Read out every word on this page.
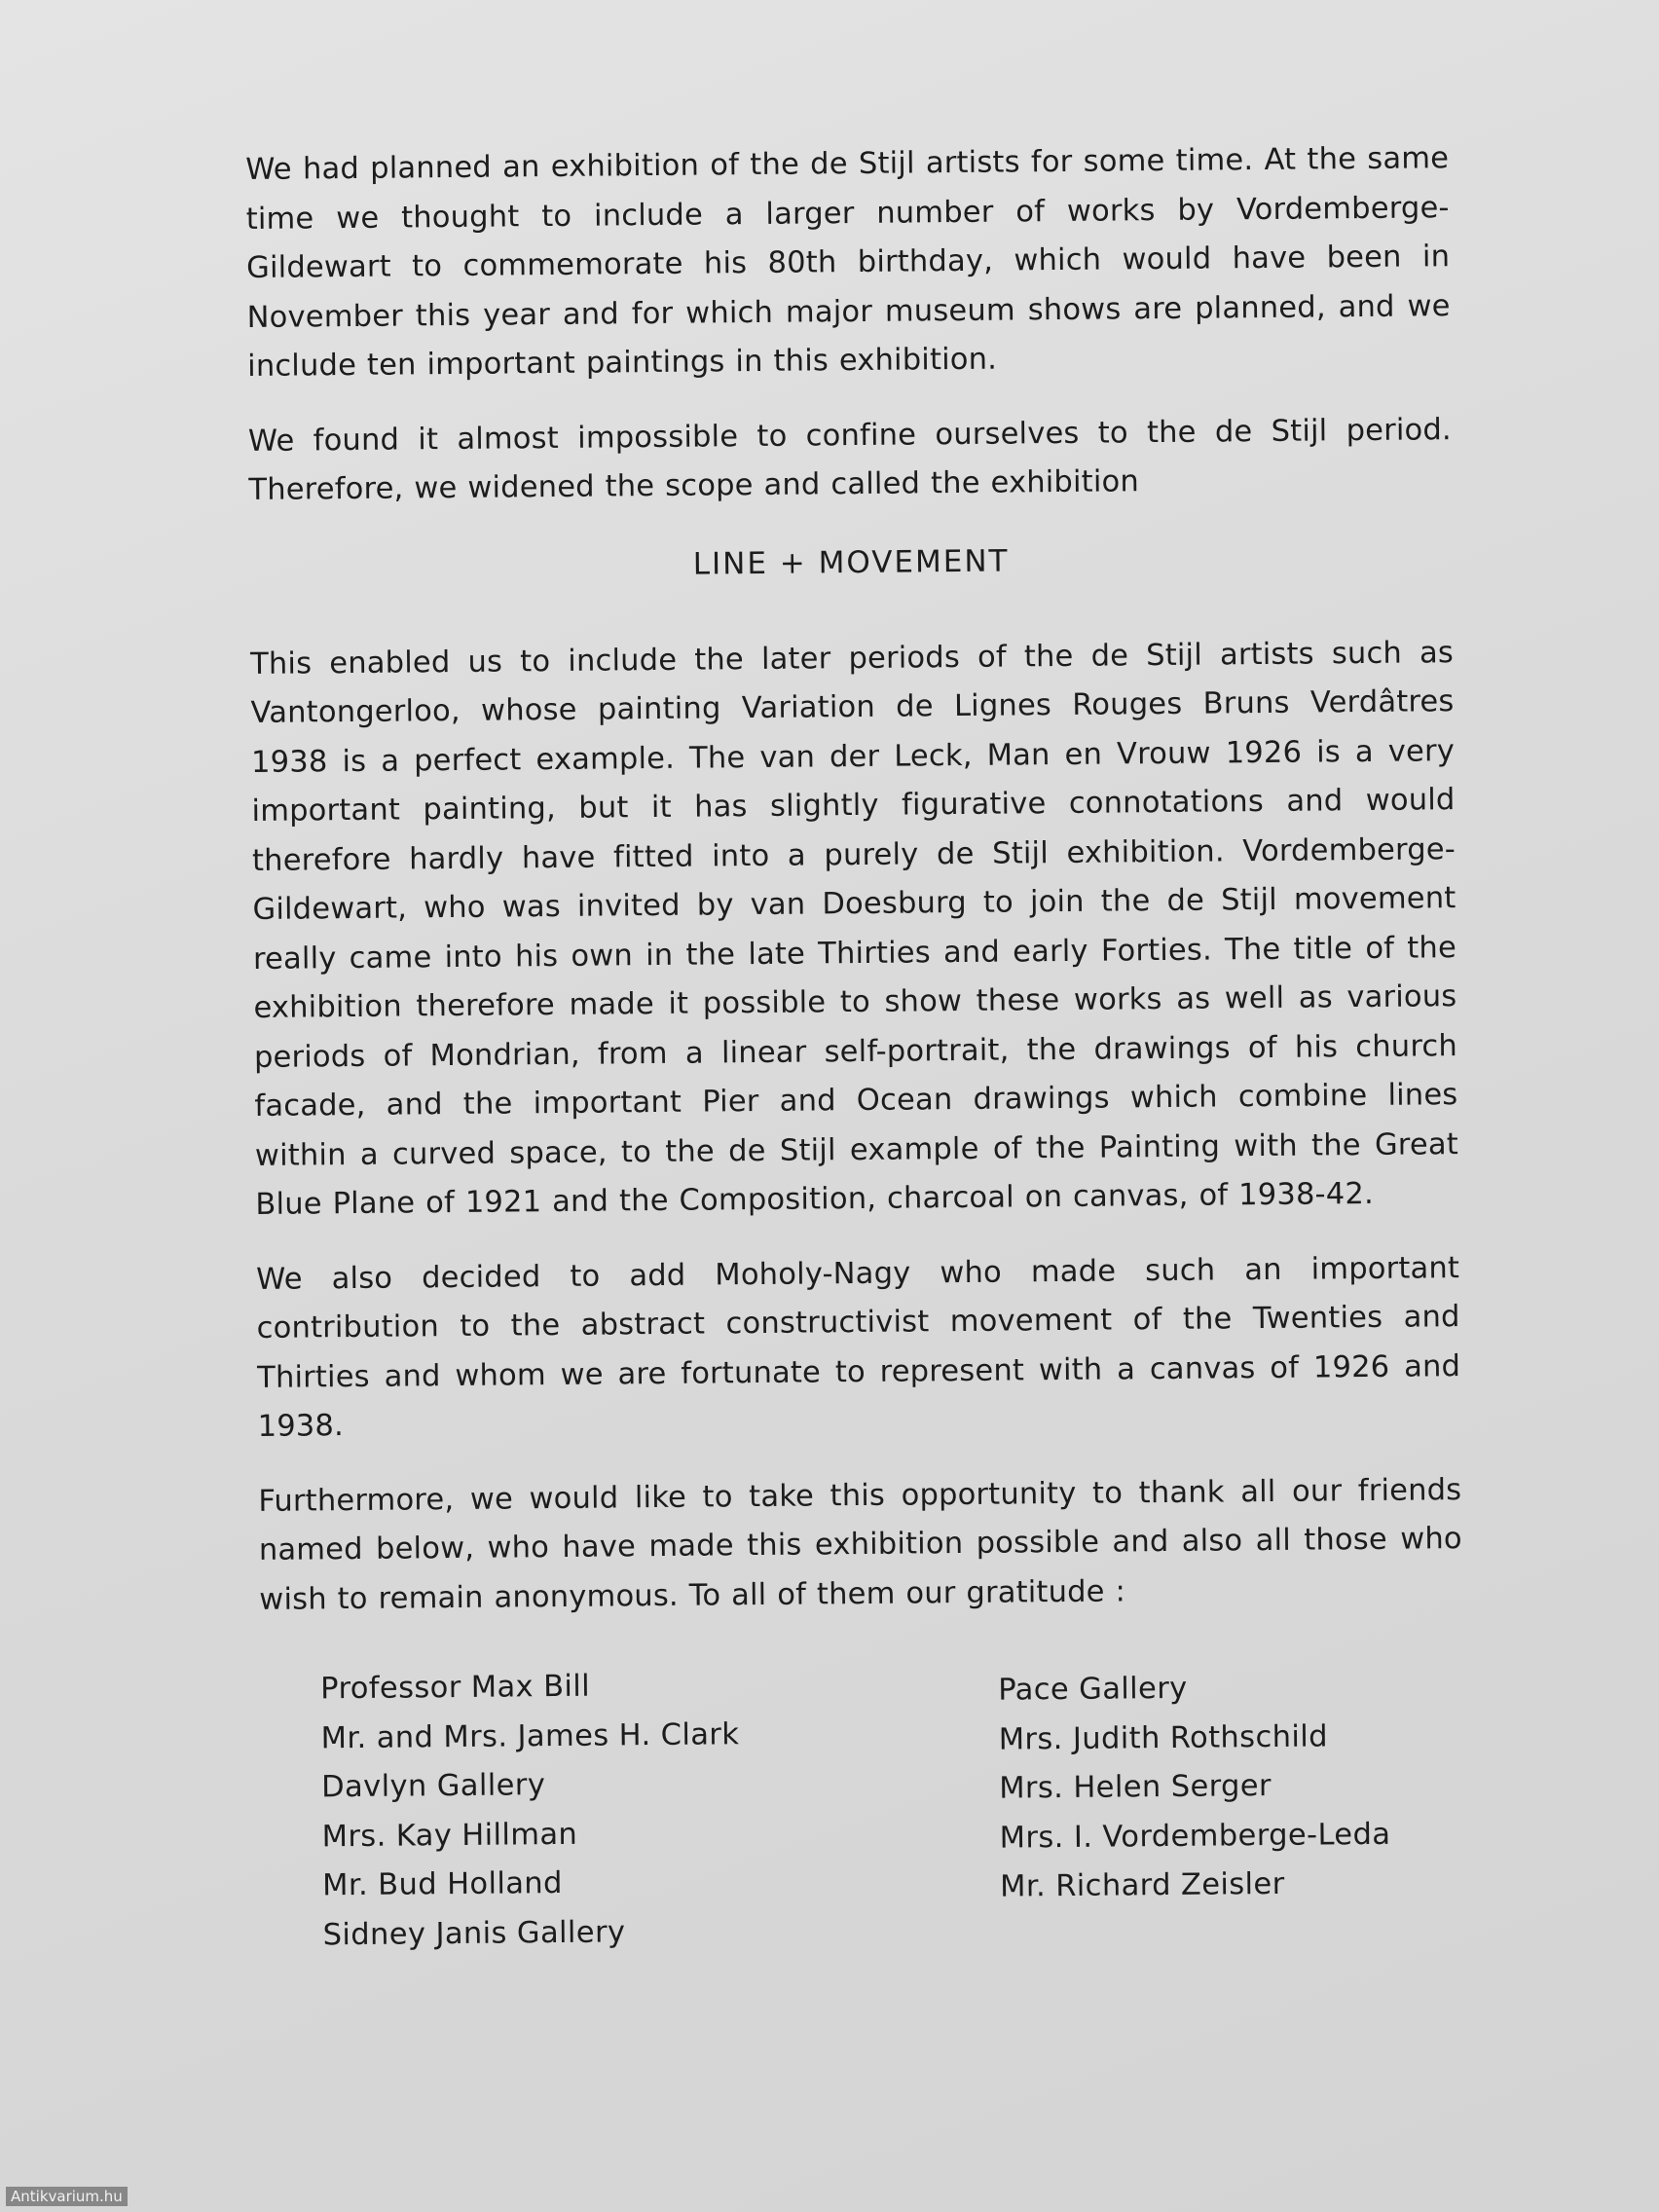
We had planned an exhibition of the de Stijl artists for some time. At the same time we thought to include a larger number of works by Vordemberge-Gildewart to commemorate his 80th birthday, which would have been in November this year and for which major museum shows are planned, and we include ten important paintings in this exhibition.

We found it almost impossible to confine ourselves to the de Stijl period. Therefore, we widened the scope and called the exhibition

LINE + MOVEMENT

This enabled us to include the later periods of the de Stijl artists such as Vantongerloo, whose painting Variation de Lignes Rouges Bruns Verdâtres 1938 is a perfect example. The van der Leck, Man en Vrouw 1926 is a very important painting, but it has slightly figurative connotations and would therefore hardly have fitted into a purely de Stijl exhibition. Vordemberge-Gildewart, who was invited by van Doesburg to join the de Stijl movement really came into his own in the late Thirties and early Forties. The title of the exhibition therefore made it possible to show these works as well as various periods of Mondrian, from a linear self-portrait, the drawings of his church facade, and the important Pier and Ocean drawings which combine lines within a curved space, to the de Stijl example of the Painting with the Great Blue Plane of 1921 and the Composition, charcoal on canvas, of 1938-42.

We also decided to add Moholy-Nagy who made such an important contribution to the abstract constructivist movement of the Twenties and Thirties and whom we are fortunate to represent with a canvas of 1926 and 1938.

Furthermore, we would like to take this opportunity to thank all our friends named below, who have made this exhibition possible and also all those who wish to remain anonymous. To all of them our gratitude :

Professor Max Bill
Mr. and Mrs. James H. Clark
Davlyn Gallery
Mrs. Kay Hillman
Mr. Bud Holland
Sidney Janis Gallery
Pace Gallery
Mrs. Judith Rothschild
Mrs. Helen Serger
Mrs. I. Vordemberge-Leda
Mr. Richard Zeisler
Antikvarium.hu
